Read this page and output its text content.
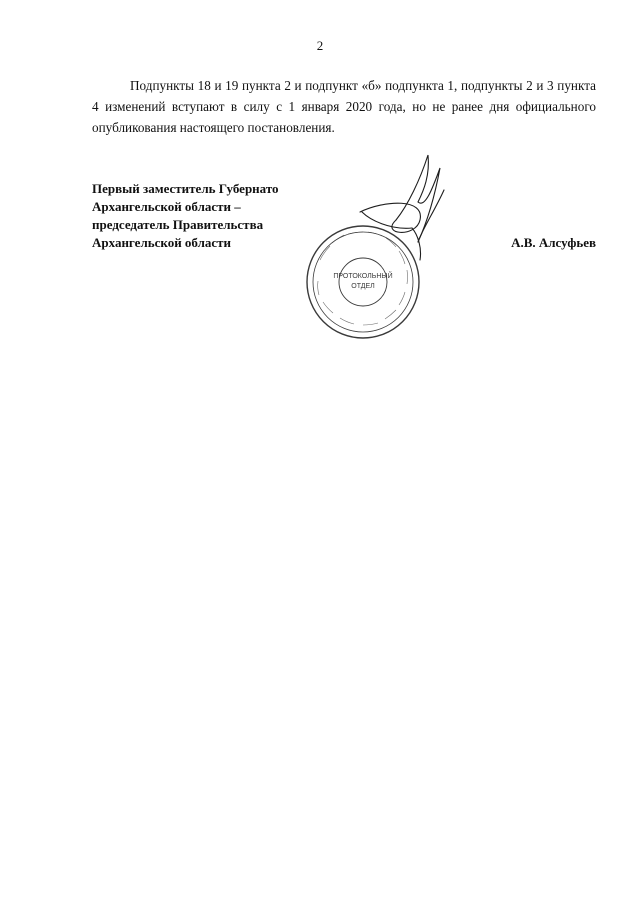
2

Подпункты 18 и 19 пункта 2 и подпункт «б» подпункта 1, подпункты 2 и 3 пункта 4 изменений вступают в силу с 1 января 2020 года, но не ранее дня официального опубликования настоящего постановления.

Первый заместитель Губернато
Архангельской области –
председатель Правительства
Архангельской области	А.В. Алсуфьев
ПРОТОКОЛЬНЫЙ
ОТДЕЛ
